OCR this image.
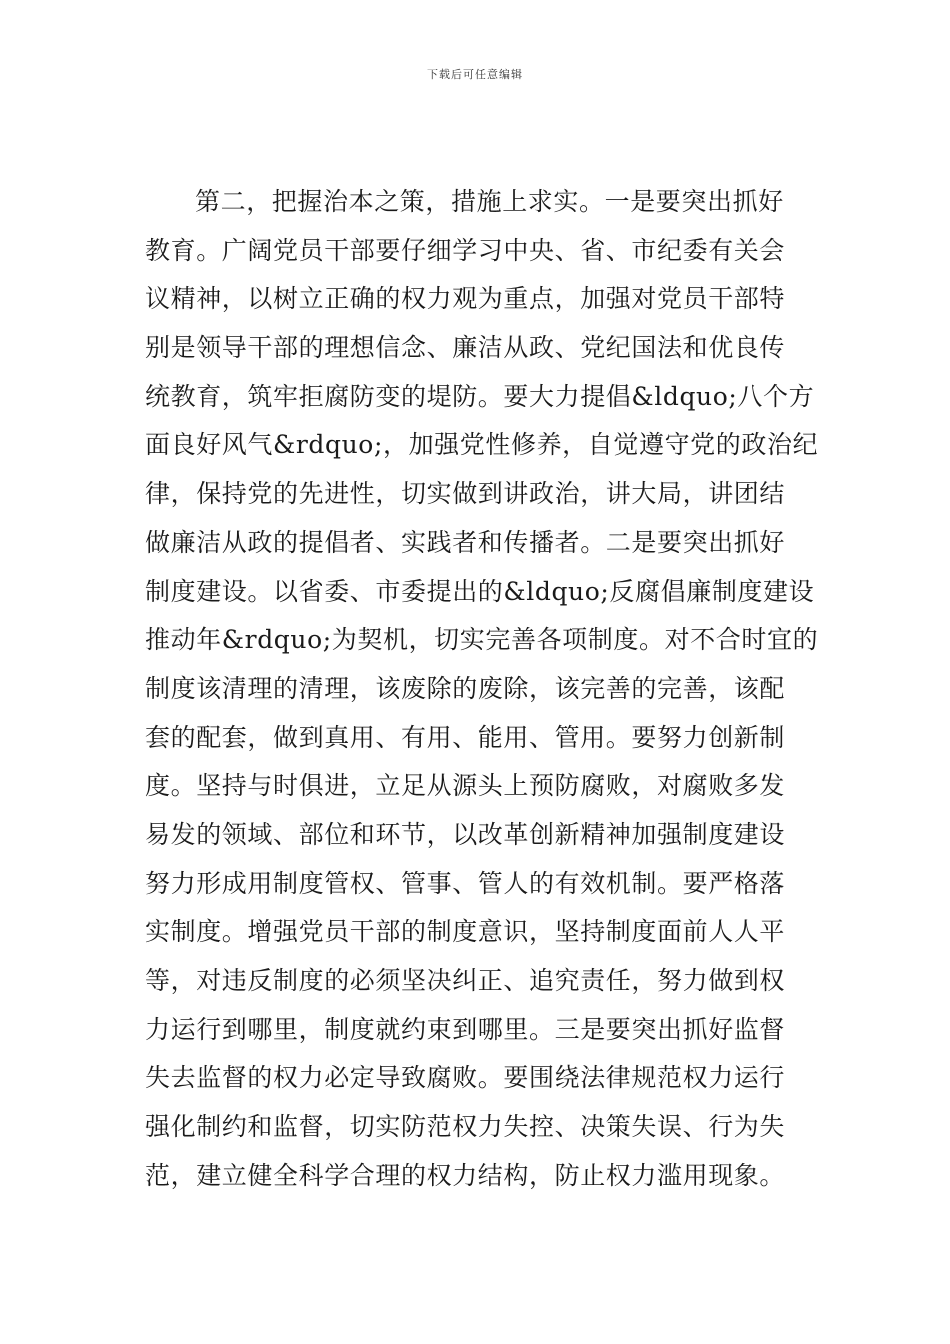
下载后可任意编辑
第二，把握治本之策，措施上求实。一是要突出抓好
教育。广阔党员干部要仔细学习中央、省、市纪委有关会
议精神，以树立正确的权力观为重点，加强对党员干部特
别是领导干部的理想信念、廉洁从政、党纪国法和优良传
统教育，筑牢拒腐防变的堤防。要大力提倡&ldquo;八个方
面良好风气&rdquo;，加强党性修养，自觉遵守党的政治纪
律，保持党的先进性，切实做到讲政治，讲大局，讲团结
做廉洁从政的提倡者、实践者和传播者。二是要突出抓好
制度建设。以省委、市委提出的&ldquo;反腐倡廉制度建设
推动年&rdquo;为契机，切实完善各项制度。对不合时宜的
制度该清理的清理，该废除的废除，该完善的完善，该配
套的配套，做到真用、有用、能用、管用。要努力创新制
度。坚持与时俱进，立足从源头上预防腐败，对腐败多发
易发的领域、部位和环节，以改革创新精神加强制度建设
努力形成用制度管权、管事、管人的有效机制。要严格落
实制度。增强党员干部的制度意识，坚持制度面前人人平
等，对违反制度的必须坚决纠正、追究责任，努力做到权
力运行到哪里，制度就约束到哪里。三是要突出抓好监督
失去监督的权力必定导致腐败。要围绕法律规范权力运行
强化制约和监督，切实防范权力失控、决策失误、行为失
范，建立健全科学合理的权力结构，防止权力滥用现象。
